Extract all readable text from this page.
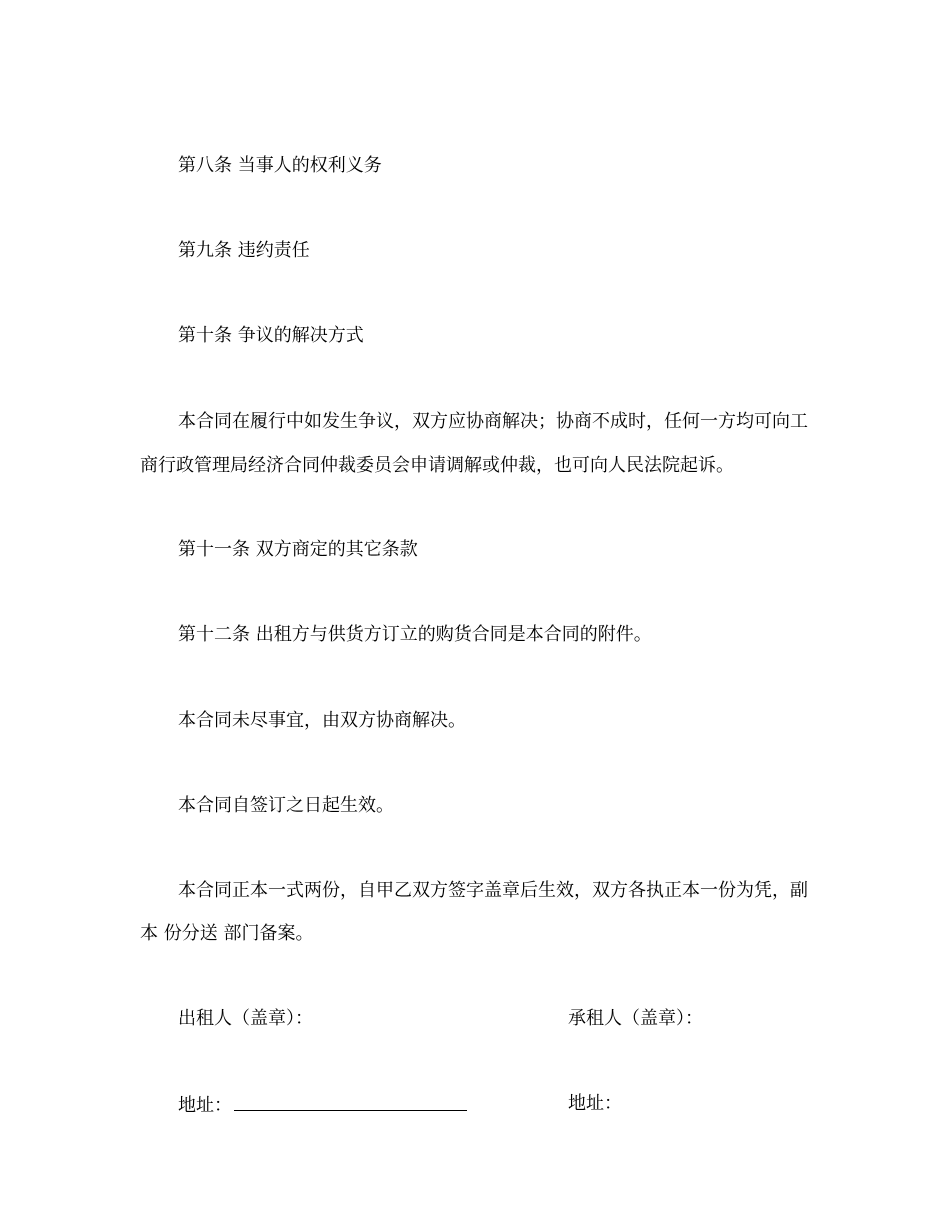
第八条 当事人的权利义务
第九条 违约责任
第十条 争议的解决方式
本合同在履行中如发生争议，双方应协商解决；协商不成时，任何一方均可向工
商行政管理局经济合同仲裁委员会申请调解或仲裁，也可向人民法院起诉。
第十一条 双方商定的其它条款
第十二条 出租方与供货方订立的购货合同是本合同的附件。
本合同未尽事宜，由双方协商解决。
本合同自签订之日起生效。
本合同正本一式两份，自甲乙双方签字盖章后生效，双方各执正本一份为凭，副
本 份分送 部门备案。
出租人（盖章）：	承租人（盖章）：
地址：	地址：
